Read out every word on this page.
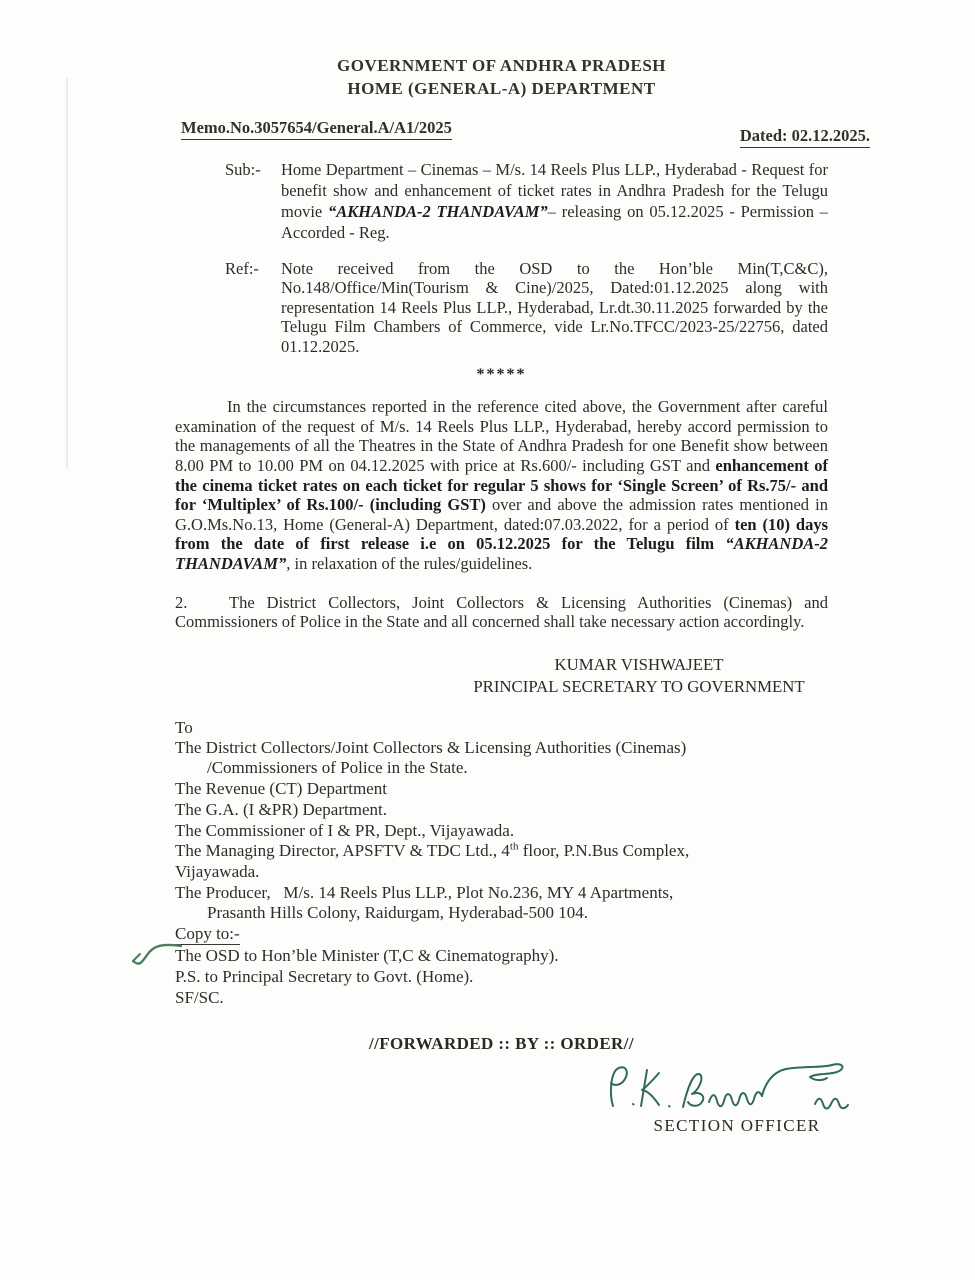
GOVERNMENT OF ANDHRA PRADESH
HOME (GENERAL-A) DEPARTMENT
Memo.No.3057654/General.A/A1/2025	Dated: 02.12.2025.
Sub:-	Home Department – Cinemas – M/s. 14 Reels Plus LLP., Hyderabad - Request for benefit show and enhancement of ticket rates in Andhra Pradesh for the Telugu movie “AKHANDA-2 THANDAVAM”– releasing on 05.12.2025 - Permission – Accorded - Reg.
Ref:-	Note received from the OSD to the Hon’ble Min(T,C&C), No.148/Office/Min(Tourism & Cine)/2025, Dated:01.12.2025 along with representation 14 Reels Plus LLP., Hyderabad, Lr.dt.30.11.2025 forwarded by the Telugu Film Chambers of Commerce, vide Lr.No.TFCC/2023-25/22756, dated 01.12.2025.
*****
In the circumstances reported in the reference cited above, the Government after careful examination of the request of M/s. 14 Reels Plus LLP., Hyderabad, hereby accord permission to the managements of all the Theatres in the State of Andhra Pradesh for one Benefit show between 8.00 PM to 10.00 PM on 04.12.2025 with price at Rs.600/- including GST and enhancement of the cinema ticket rates on each ticket for regular 5 shows for ‘Single Screen’ of Rs.75/- and for ‘Multiplex’ of Rs.100/- (including GST) over and above the admission rates mentioned in G.O.Ms.No.13, Home (General-A) Department, dated:07.03.2022, for a period of ten (10) days from the date of first release i.e on 05.12.2025 for the Telugu film “AKHANDA-2 THANDAVAM”, in relaxation of the rules/guidelines.
2.	The District Collectors, Joint Collectors & Licensing Authorities (Cinemas) and Commissioners of Police in the State and all concerned shall take necessary action accordingly.
KUMAR VISHWAJEET
PRINCIPAL SECRETARY TO GOVERNMENT
To
The District Collectors/Joint Collectors & Licensing Authorities (Cinemas)
/Commissioners of Police in the State.
The Revenue (CT) Department
The G.A. (I &PR) Department.
The Commissioner of I & PR, Dept., Vijayawada.
The Managing Director, APSFTV & TDC Ltd., 4th floor, P.N.Bus Complex,
Vijayawada.
The Producer,   M/s. 14 Reels Plus LLP., Plot No.236, MY 4 Apartments,
Prasanth Hills Colony, Raidurgam, Hyderabad-500 104.
Copy to:-
The OSD to Hon’ble Minister (T,C & Cinematography).
P.S. to Principal Secretary to Govt. (Home).
SF/SC.
//FORWARDED :: BY :: ORDER//
SECTION OFFICER
